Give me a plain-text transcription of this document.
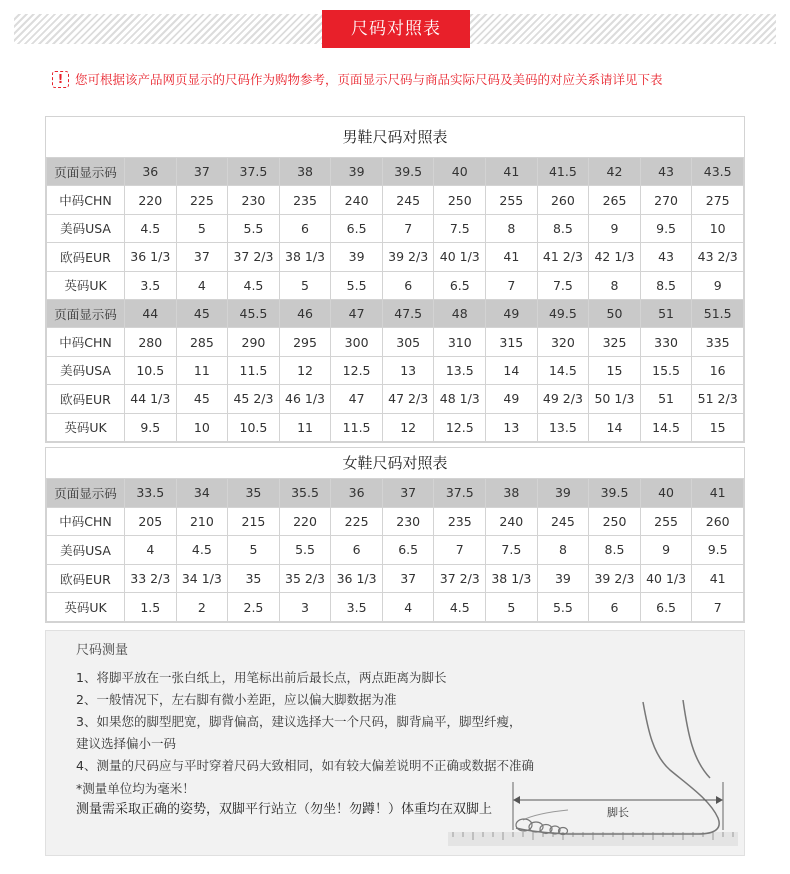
尺码对照表
! 您可根据该产品网页显示的尺码作为购物参考，页面显示尺码与商品实际尺码及美码的对应关系请详见下表
男鞋尺码对照表
页面显示码	36	37	37.5	38	39	39.5	40	41	41.5	42	43	43.5
中码CHN	220	225	230	235	240	245	250	255	260	265	270	275
美码USA	4.5	5	5.5	6	6.5	7	7.5	8	8.5	9	9.5	10
欧码EUR	36 1/3	37	37 2/3	38 1/3	39	39 2/3	40 1/3	41	41 2/3	42 1/3	43	43 2/3
英码UK	3.5	4	4.5	5	5.5	6	6.5	7	7.5	8	8.5	9
页面显示码	44	45	45.5	46	47	47.5	48	49	49.5	50	51	51.5
中码CHN	280	285	290	295	300	305	310	315	320	325	330	335
美码USA	10.5	11	11.5	12	12.5	13	13.5	14	14.5	15	15.5	16
欧码EUR	44 1/3	45	45 2/3	46 1/3	47	47 2/3	48 1/3	49	49 2/3	50 1/3	51	51 2/3
英码UK	9.5	10	10.5	11	11.5	12	12.5	13	13.5	14	14.5	15
女鞋尺码对照表
页面显示码	33.5	34	35	35.5	36	37	37.5	38	39	39.5	40	41
中码CHN	205	210	215	220	225	230	235	240	245	250	255	260
美码USA	4	4.5	5	5.5	6	6.5	7	7.5	8	8.5	9	9.5
欧码EUR	33 2/3	34 1/3	35	35 2/3	36 1/3	37	37 2/3	38 1/3	39	39 2/3	40 1/3	41
英码UK	1.5	2	2.5	3	3.5	4	4.5	5	5.5	6	6.5	7
尺码测量
1、将脚平放在一张白纸上，用笔标出前后最长点，两点距离为脚长
2、一般情况下，左右脚有微小差距，应以偏大脚数据为准
3、如果您的脚型肥宽，脚背偏高，建议选择大一个尺码，脚背扁平，脚型纤瘦，
建议选择偏小一码
4、测量的尺码应与平时穿着尺码大致相同，如有较大偏差说明不正确或数据不准确
*测量单位均为毫米！
测量需采取正确的姿势，双脚平行站立（勿坐！勿蹲！）体重均在双脚上	脚长
